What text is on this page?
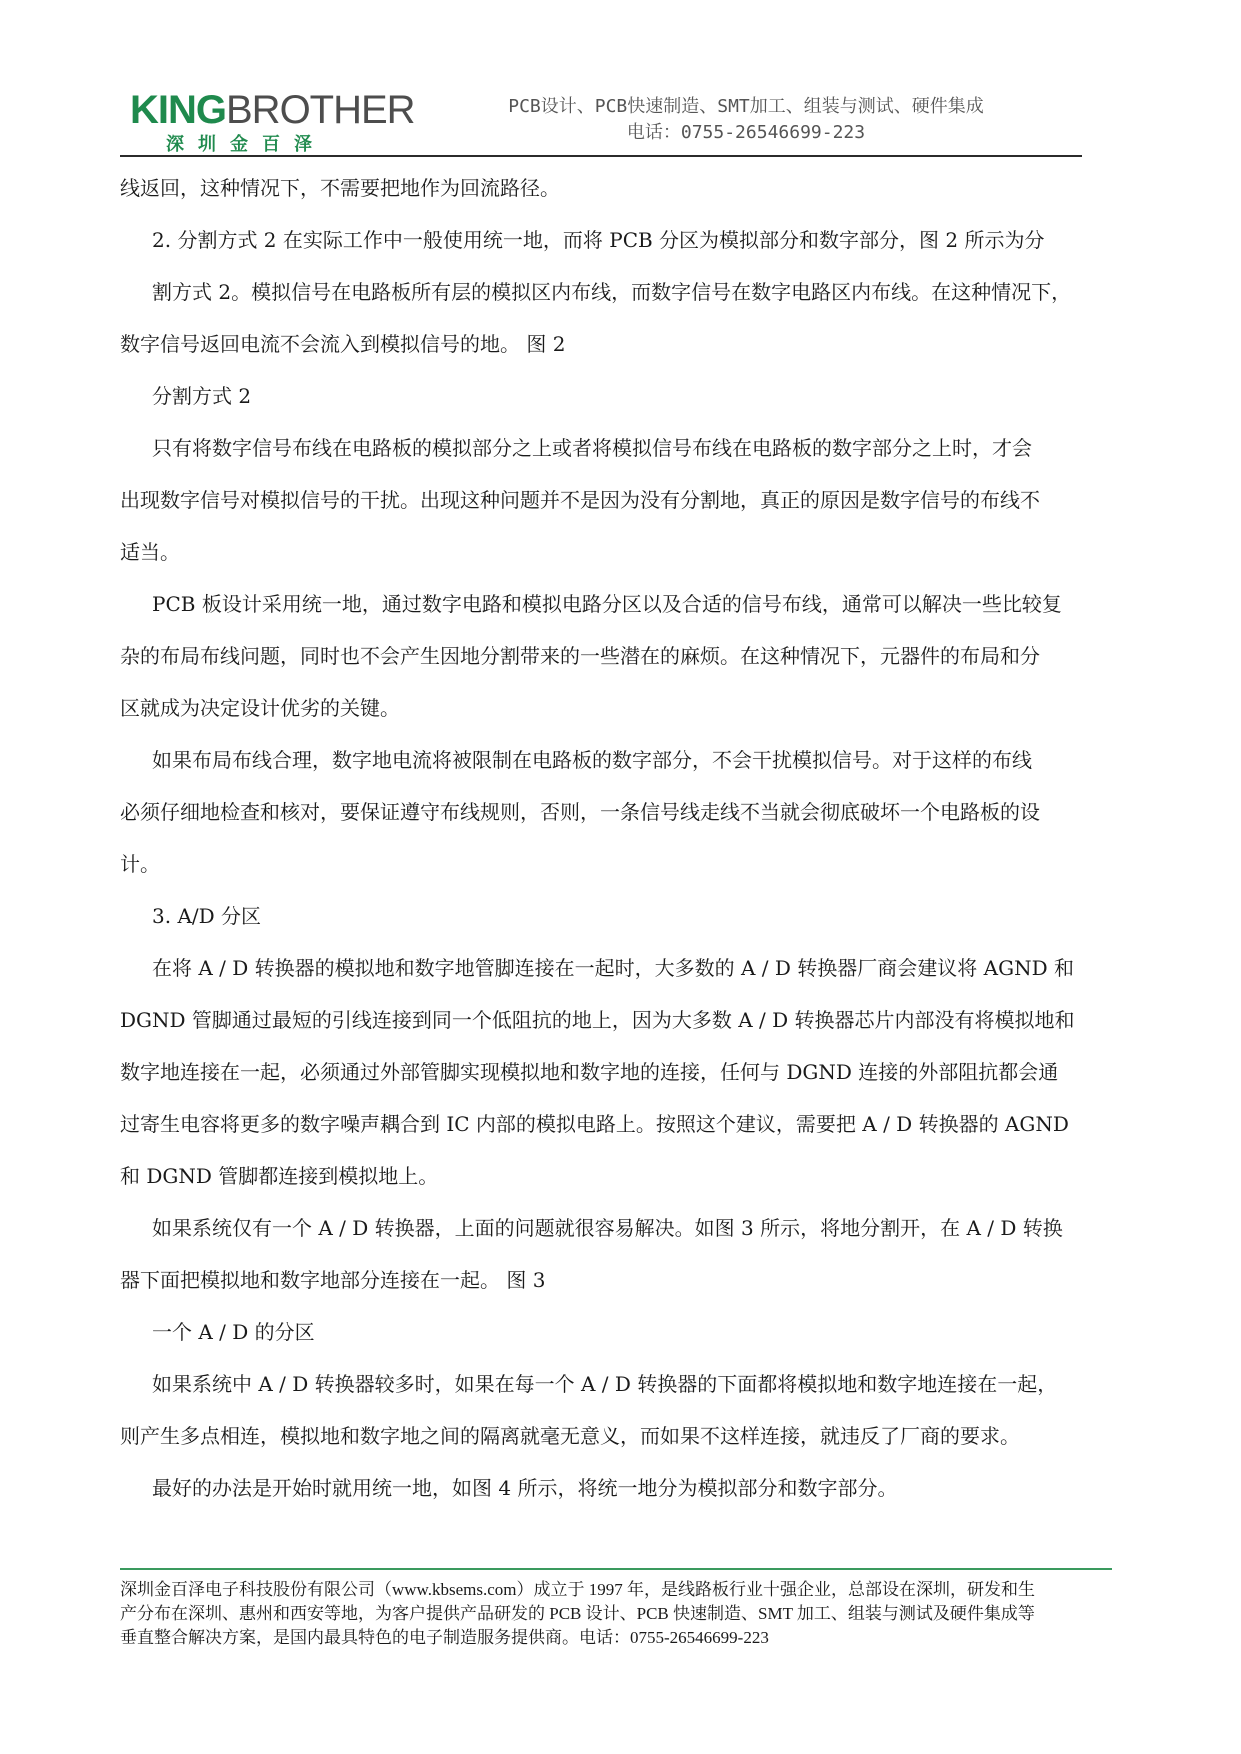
KINGBROTHER
深圳金百泽
PCB设计、PCB快速制造、SMT加工、组装与测试、硬件集成
电话：0755-26546699-223

线返回，这种情况下，不需要把地作为回流路径。

2. 分割方式 2 在实际工作中一般使用统一地，而将 PCB 分区为模拟部分和数字部分，图 2 所示为分

割方式 2。模拟信号在电路板所有层的模拟区内布线，而数字信号在数字电路区内布线。在这种情况下，

数字信号返回电流不会流入到模拟信号的地。 图 2

分割方式 2

只有将数字信号布线在电路板的模拟部分之上或者将模拟信号布线在电路板的数字部分之上时，才会

出现数字信号对模拟信号的干扰。出现这种问题并不是因为没有分割地，真正的原因是数字信号的布线不

适当。

PCB 板设计采用统一地，通过数字电路和模拟电路分区以及合适的信号布线，通常可以解决一些比较复

杂的布局布线问题，同时也不会产生因地分割带来的一些潜在的麻烦。在这种情况下，元器件的布局和分

区就成为决定设计优劣的关键。

如果布局布线合理，数字地电流将被限制在电路板的数字部分，不会干扰模拟信号。对于这样的布线

必须仔细地检查和核对，要保证遵守布线规则，否则，一条信号线走线不当就会彻底破坏一个电路板的设

计。

3. A/D 分区

在将 A / D 转换器的模拟地和数字地管脚连接在一起时，大多数的 A / D 转换器厂商会建议将 AGND 和

DGND 管脚通过最短的引线连接到同一个低阻抗的地上，因为大多数 A / D 转换器芯片内部没有将模拟地和

数字地连接在一起，必须通过外部管脚实现模拟地和数字地的连接，任何与 DGND 连接的外部阻抗都会通

过寄生电容将更多的数字噪声耦合到 IC 内部的模拟电路上。按照这个建议，需要把 A / D 转换器的 AGND

和 DGND 管脚都连接到模拟地上。

如果系统仅有一个 A / D 转换器，上面的问题就很容易解决。如图 3 所示，将地分割开，在 A / D 转换

器下面把模拟地和数字地部分连接在一起。 图 3

一个 A / D 的分区

如果系统中 A / D 转换器较多时，如果在每一个 A / D 转换器的下面都将模拟地和数字地连接在一起，

则产生多点相连，模拟地和数字地之间的隔离就毫无意义，而如果不这样连接，就违反了厂商的要求。

最好的办法是开始时就用统一地，如图 4 所示，将统一地分为模拟部分和数字部分。

深圳金百泽电子科技股份有限公司（www.kbsems.com）成立于 1997 年，是线路板行业十强企业，总部设在深圳，研发和生
产分布在深圳、惠州和西安等地，为客户提供产品研发的 PCB 设计、PCB 快速制造、SMT 加工、组装与测试及硬件集成等
垂直整合解决方案，是国内最具特色的电子制造服务提供商。电话：0755-26546699-223
